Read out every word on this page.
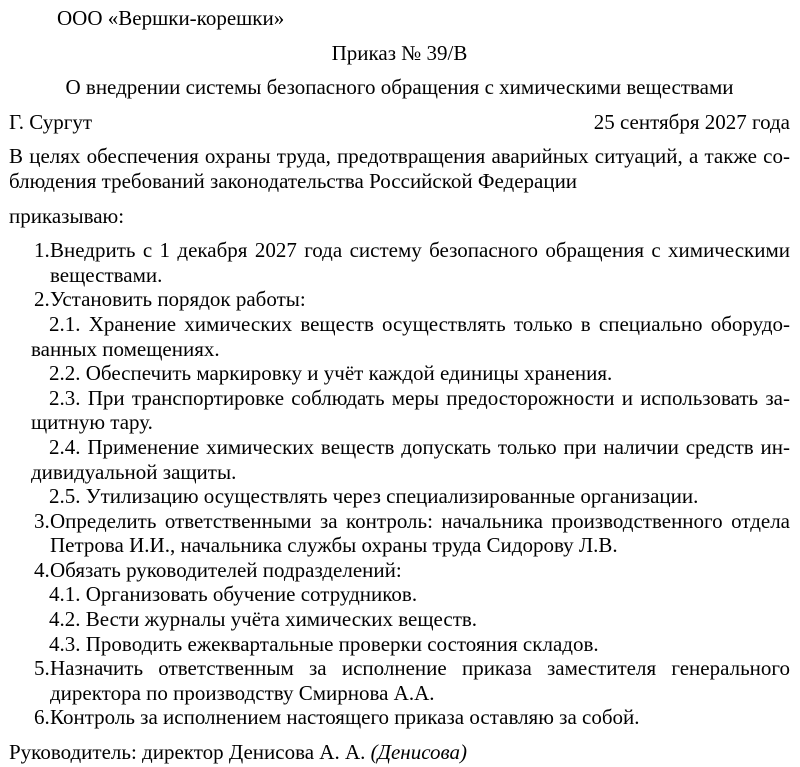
ООО «Вершки-корешки»

Приказ № 39/В

О внедрении системы безопасного обращения с химическими веществами

Г. Сургут	25 сентября 2027 года

В целях обеспечения охраны труда, предотвращения аварийных ситуаций, а также соблюдения требований законодательства Российской Федерации

приказываю:

1. Внедрить с 1 декабря 2027 года систему безопасного обращения с химическими веществами.
2. Установить порядок работы:

2.1. Хранение химических веществ осуществлять только в специально оборудованных помещениях.

2.2. Обеспечить маркировку и учёт каждой единицы хранения.

2.3. При транспортировке соблюдать меры предосторожности и использовать защитную тару.

2.4. Применение химических веществ допускать только при наличии средств индивидуальной защиты.

2.5. Утилизацию осуществлять через специализированные организации.

3. Определить ответственными за контроль: начальника производственного отдела Петрова И.И., начальника службы охраны труда Сидорову Л.В.
4. Обязать руководителей подразделений:

4.1. Организовать обучение сотрудников.

4.2. Вести журналы учёта химических веществ.

4.3. Проводить ежеквартальные проверки состояния складов.

5. Назначить ответственным за исполнение приказа заместителя генерального директора по производству Смирнова А.А.
6. Контроль за исполнением настоящего приказа оставляю за собой.

Руководитель: директор Денисова А. А. (Денисова)
